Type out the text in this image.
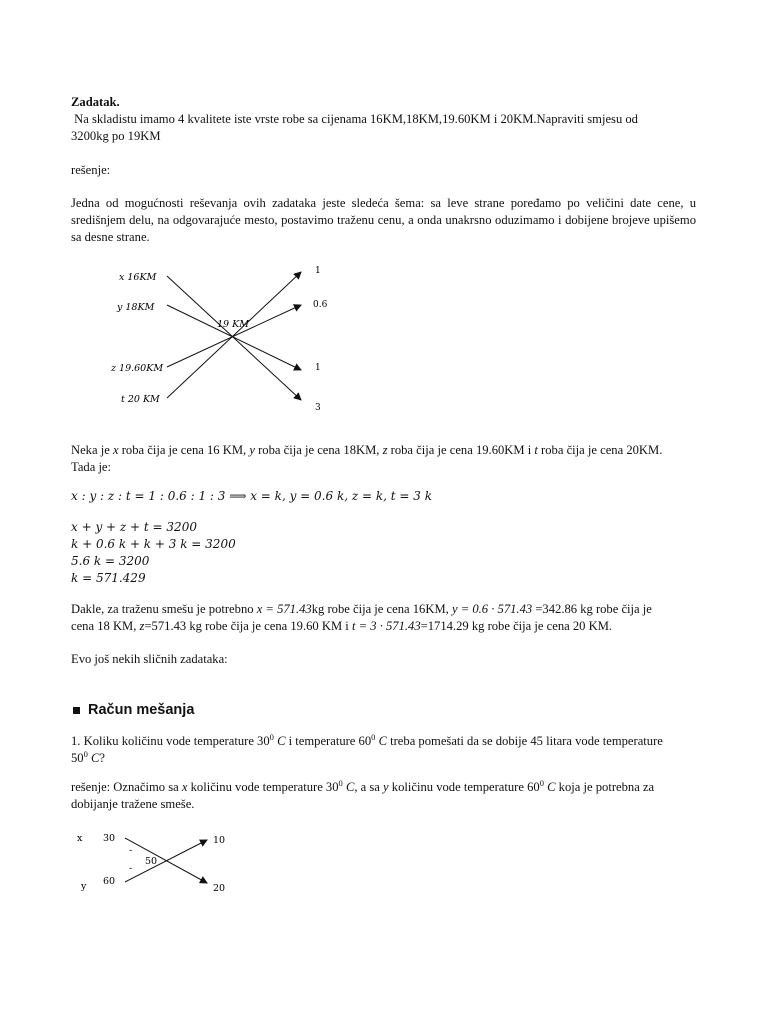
Zadatak.

Na skladistu imamo 4 kvalitete iste vrste robe sa cijenama 16KM,18KM,19.60KM i 20KM.Napraviti smjesu od

3200kg po 19KM

rešenje:

Jedna od mogućnosti reševanja ovih zadataka jeste sledeća šema: sa leve strane poređamo po veličini date cene, u središnjem delu, na odgovarajuće mesto, postavimo traženu cenu, a onda unakrsno oduzimamo i dobijene brojeve upišemo sa desne strane.

x 16KM
y 18KM
z 19.60KM
t 20 KM
19 KM
1
0.6
1
3

Neka je x roba čija je cena 16 KM, y roba čija je cena 18KM, z roba čija je cena 19.60KM i t roba čija je cena 20KM.

Tada je:

x : y : z : t = 1 : 0.6 : 1 : 3 ⟹ x = k, y = 0.6 k, z = k, t = 3 k

x + y + z + t = 3200
k + 0.6 k + k + 3 k = 3200
5.6 k = 3200
k = 571.429

Dakle, za traženu smešu je potrebno x = 571.43kg robe čija je cena 16KM, y = 0.6 · 571.43 =342.86 kg robe čija je

cena 18 KM, z=571.43 kg robe čija je cena 19.60 KM i t = 3 · 571.43=1714.29 kg robe čija je cena 20 KM.

Evo još nekih sličnih zadataka:

Račun mešanja

1. Koliku količinu vode temperature $30^0$ C i temperature $60^0$ C treba pomešati da se dobije 45 litara vode temperature

$50^0$ C?

rešenje: Označimo sa x količinu vode temperature $30^0$ C, a sa y količinu vode temperature $60^0$ C koja je potrebna za

dobijanje tražene smeše.

x
y
30
60
50
-
-
10
20
